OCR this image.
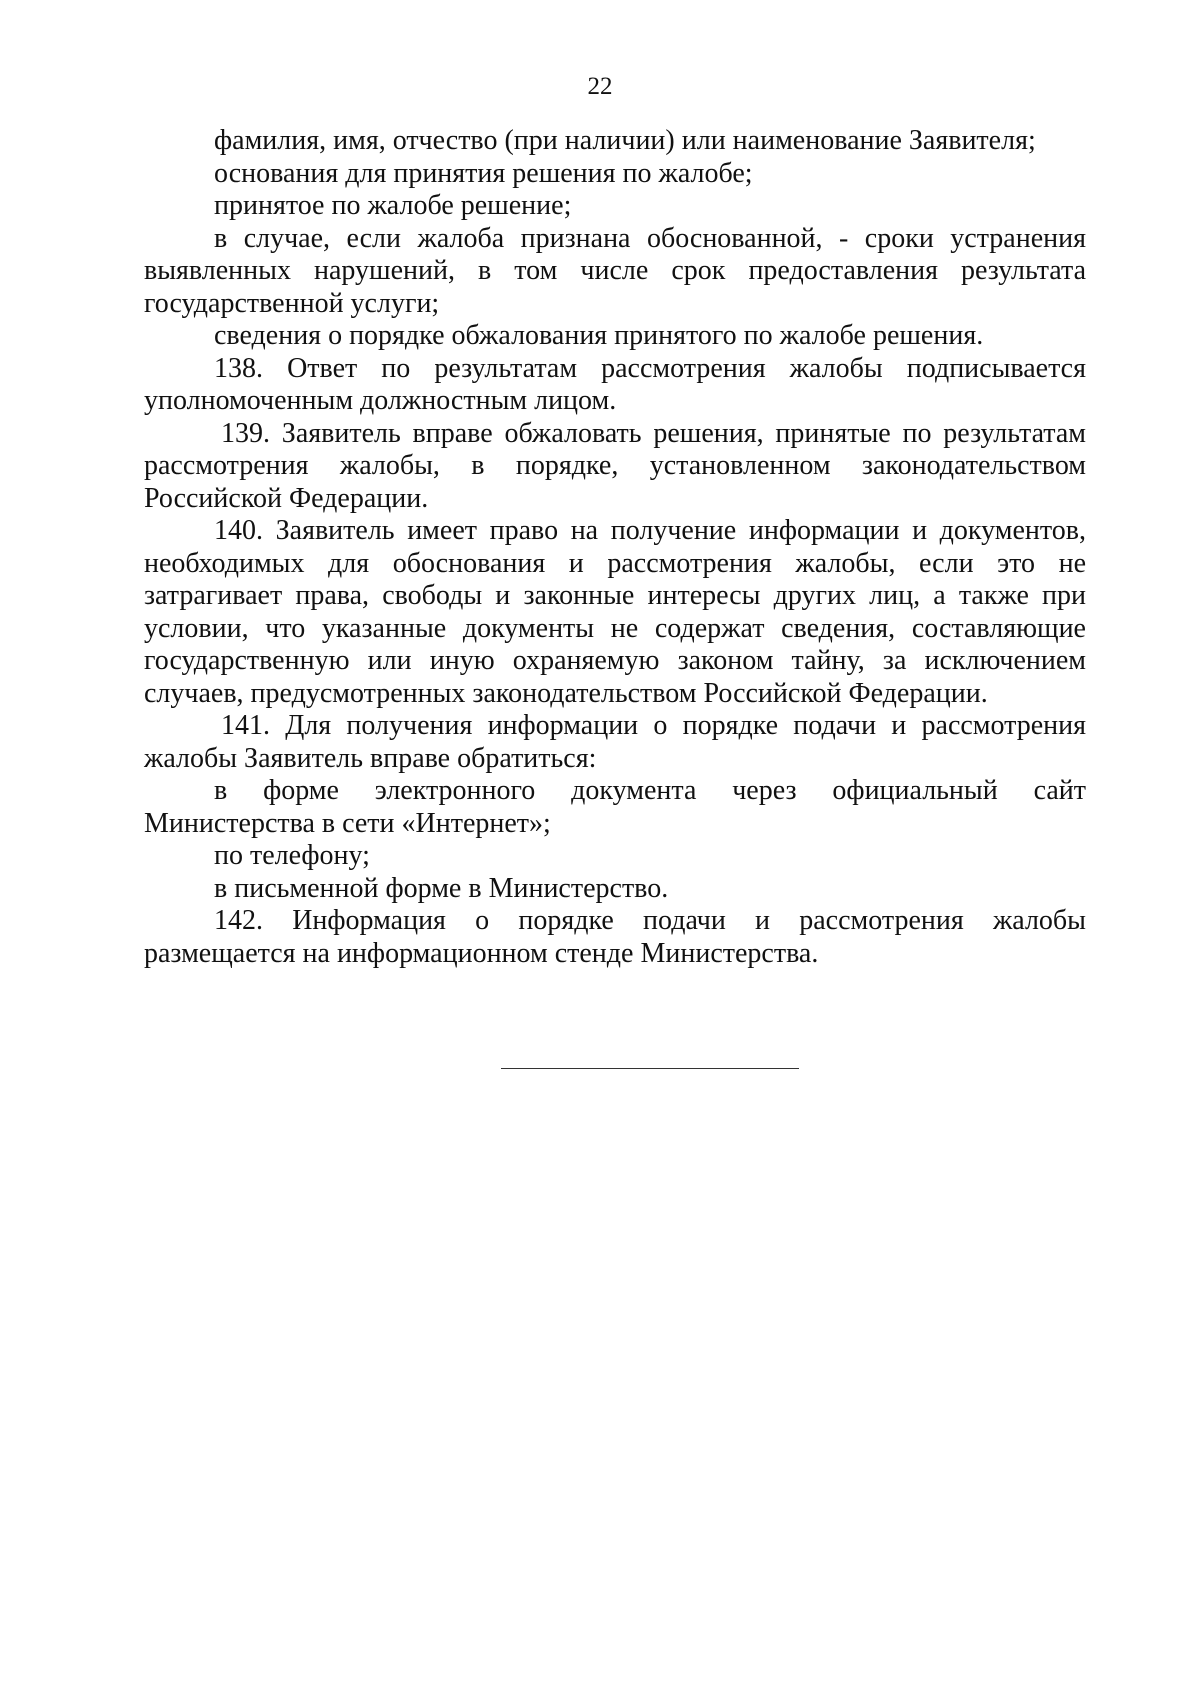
22

фамилия, имя, отчество (при наличии) или наименование Заявителя;

основания для принятия решения по жалобе;

принятое по жалобе решение;

в случае, если жалоба признана обоснованной, - сроки устранения выявленных нарушений, в том числе срок предоставления результата государственной услуги;

сведения о порядке обжалования принятого по жалобе решения.

138. Ответ по результатам рассмотрения жалобы подписывается уполномоченным должностным лицом.

139. Заявитель вправе обжаловать решения, принятые по результатам рассмотрения жалобы, в порядке, установленном законодательством Российской Федерации.

140. Заявитель имеет право на получение информации и документов, необходимых для обоснования и рассмотрения жалобы, если это не затрагивает права, свободы и законные интересы других лиц, а также при условии, что указанные документы не содержат сведения, составляющие государственную или иную охраняемую законом тайну, за исключением случаев, предусмотренных законодательством Российской Федерации.

141. Для получения информации о порядке подачи и рассмотрения жалобы Заявитель вправе обратиться:

в форме электронного документа через официальный сайт Министерства в сети «Интернет»;

по телефону;

в письменной форме в Министерство.

142. Информация о порядке подачи и рассмотрения жалобы размещается на информационном стенде Министерства.
